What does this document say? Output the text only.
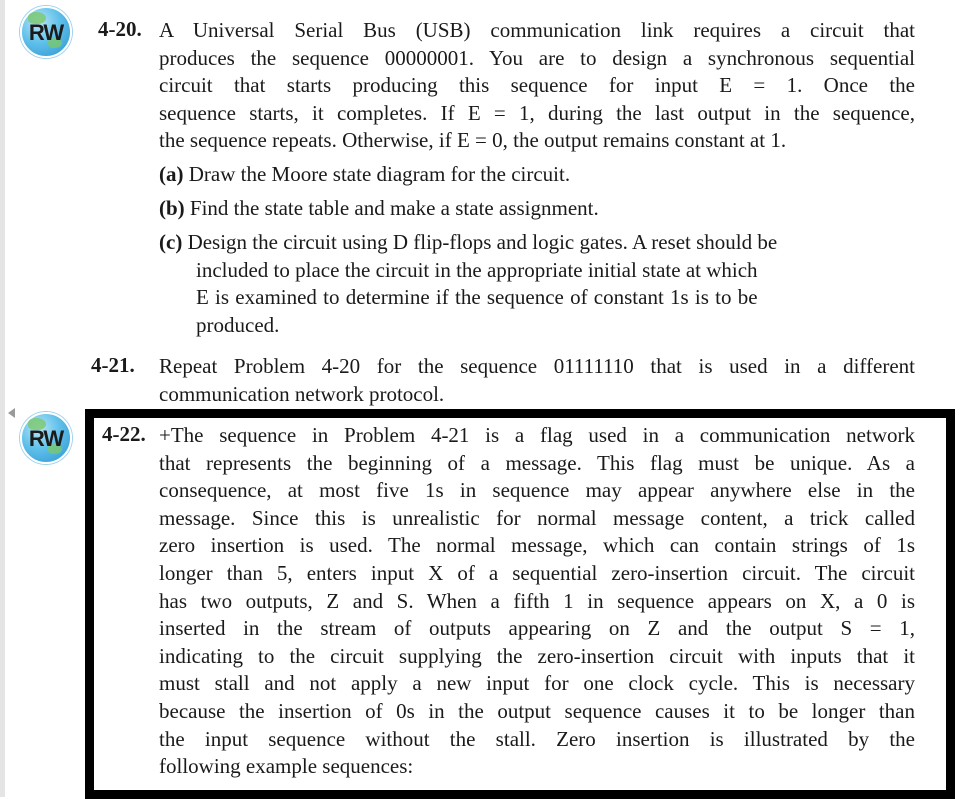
RW
RW
4-20. A Universal Serial Bus (USB) communication link requires a circuit that
produces the sequence 00000001. You are to design a synchronous sequential
circuit that starts producing this sequence for input E = 1. Once the
sequence starts, it completes. If E = 1, during the last output in the sequence,
the sequence repeats. Otherwise, if E = 0, the output remains constant at 1.
(a) Draw the Moore state diagram for the circuit.
(b) Find the state table and make a state assignment.
(c) Design the circuit using D flip-flops and logic gates. A reset should be
included to place the circuit in the appropriate initial state at which
E is examined to determine if the sequence of constant 1s is to be
produced.
4-21. Repeat Problem 4-20 for the sequence 01111110 that is used in a different
communication network protocol.
4-22. +The sequence in Problem 4-21 is a flag used in a communication network
that represents the beginning of a message. This flag must be unique. As a
consequence, at most five 1s in sequence may appear anywhere else in the
message. Since this is unrealistic for normal message content, a trick called
zero insertion is used. The normal message, which can contain strings of 1s
longer than 5, enters input X of a sequential zero-insertion circuit. The circuit
has two outputs, Z and S. When a fifth 1 in sequence appears on X, a 0 is
inserted in the stream of outputs appearing on Z and the output S = 1,
indicating to the circuit supplying the zero-insertion circuit with inputs that it
must stall and not apply a new input for one clock cycle. This is necessary
because the insertion of 0s in the output sequence causes it to be longer than
the input sequence without the stall. Zero insertion is illustrated by the
following example sequences:
